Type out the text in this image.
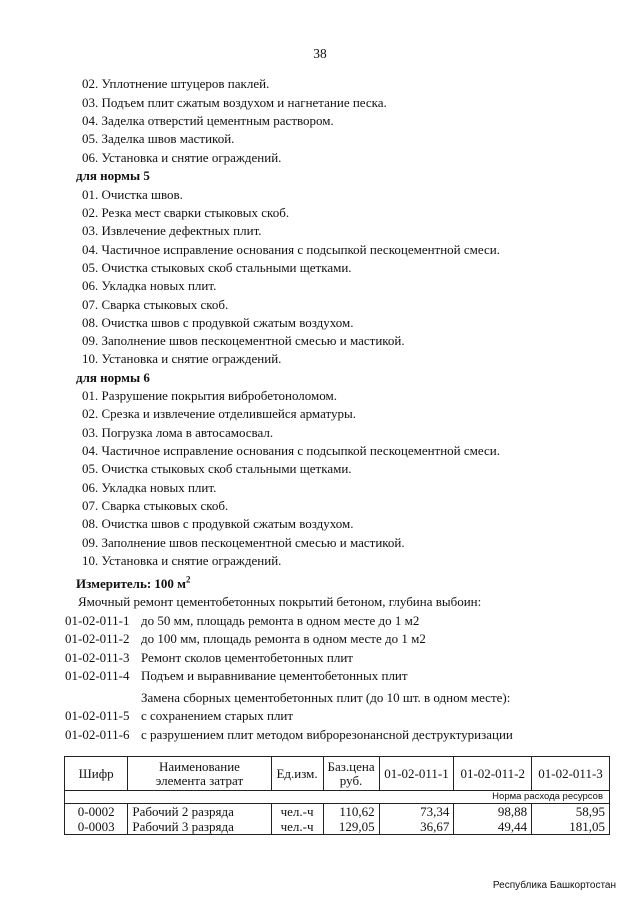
38
02. Уплотнение штуцеров паклей.
03. Подъем плит сжатым воздухом и нагнетание песка.
04. Заделка отверстий цементным раствором.
05. Заделка швов мастикой.
06. Установка и снятие ограждений.
для нормы 5
01. Очистка швов.
02. Резка мест сварки стыковых скоб.
03. Извлечение дефектных плит.
04. Частичное исправление основания с подсыпкой пескоцементной смеси.
05. Очистка стыковых скоб стальными щетками.
06. Укладка новых плит.
07. Сварка стыковых скоб.
08. Очистка швов с продувкой сжатым воздухом.
09. Заполнение швов пескоцементной смесью и мастикой.
10. Установка и снятие ограждений.
для нормы 6
01. Разрушение покрытия вибробетоноломом.
02. Срезка и извлечение отделившейся арматуры.
03. Погрузка лома в автосамосвал.
04. Частичное исправление основания с подсыпкой пескоцементной смеси.
05. Очистка стыковых скоб стальными щетками.
06. Укладка новых плит.
07. Сварка стыковых скоб.
08. Очистка швов с продувкой сжатым воздухом.
09. Заполнение швов пескоцементной смесью и мастикой.
10. Установка и снятие ограждений.
Измеритель: 100 $м^2$
Ямочный ремонт цементобетонных покрытий бетоном, глубина выбоин:
01-02-011-1 до 50 мм, площадь ремонта в одном месте до 1 м2
01-02-011-2 до 100 мм, площадь ремонта в одном месте до 1 м2
01-02-011-3 Ремонт сколов цементобетонных плит
01-02-011-4 Подъем и выравнивание цементобетонных плит
Замена сборных цементобетонных плит (до 10 шт. в одном месте):
01-02-011-5 с сохранением старых плит
01-02-011-6 с разрушением плит методом виброрезонансной деструктуризации
Шифр	Наименование элемента затрат	Ед.изм.	Баз.цена руб.	01-02-011-1	01-02-011-2	01-02-011-3
Норма расхода ресурсов						
0-0002	Рабочий 2 разряда	чел.-ч	110,62	73,34	98,88	58,95
0-0003	Рабочий 3 разряда	чел.-ч	129,05	36,67	49,44	181,05
Республика Башкортостан
